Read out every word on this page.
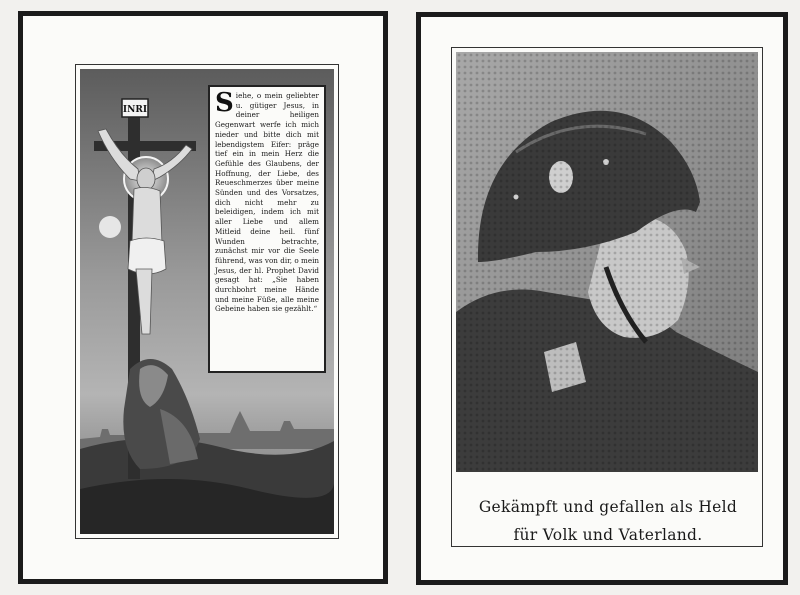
INRI	Siehe, o mein geliebter u. gütiger Jesus, in deiner heiligen Gegenwart werfe ich mich nieder und bitte dich mit lebendigstem Eifer: präge tief ein in mein Herz die Gefühle des Glaubens, der Hoffnung, der Liebe, des Reueschmerzes über meine Sünden und des Vorsatzes, dich nicht mehr zu beleidigen, indem ich mit aller Liebe und allem Mitleid deine heil. fünf Wunden betrachte, zunächst mir vor die Seele führend, was von dir, o mein Jesus, der hl. Prophet David gesagt hat: „Sie haben durchbohrt meine Hände und meine Füße, alle meine Gebeine haben sie gezählt.“

Gekämpft und gefallen als Held
für Volk und Vaterland.
